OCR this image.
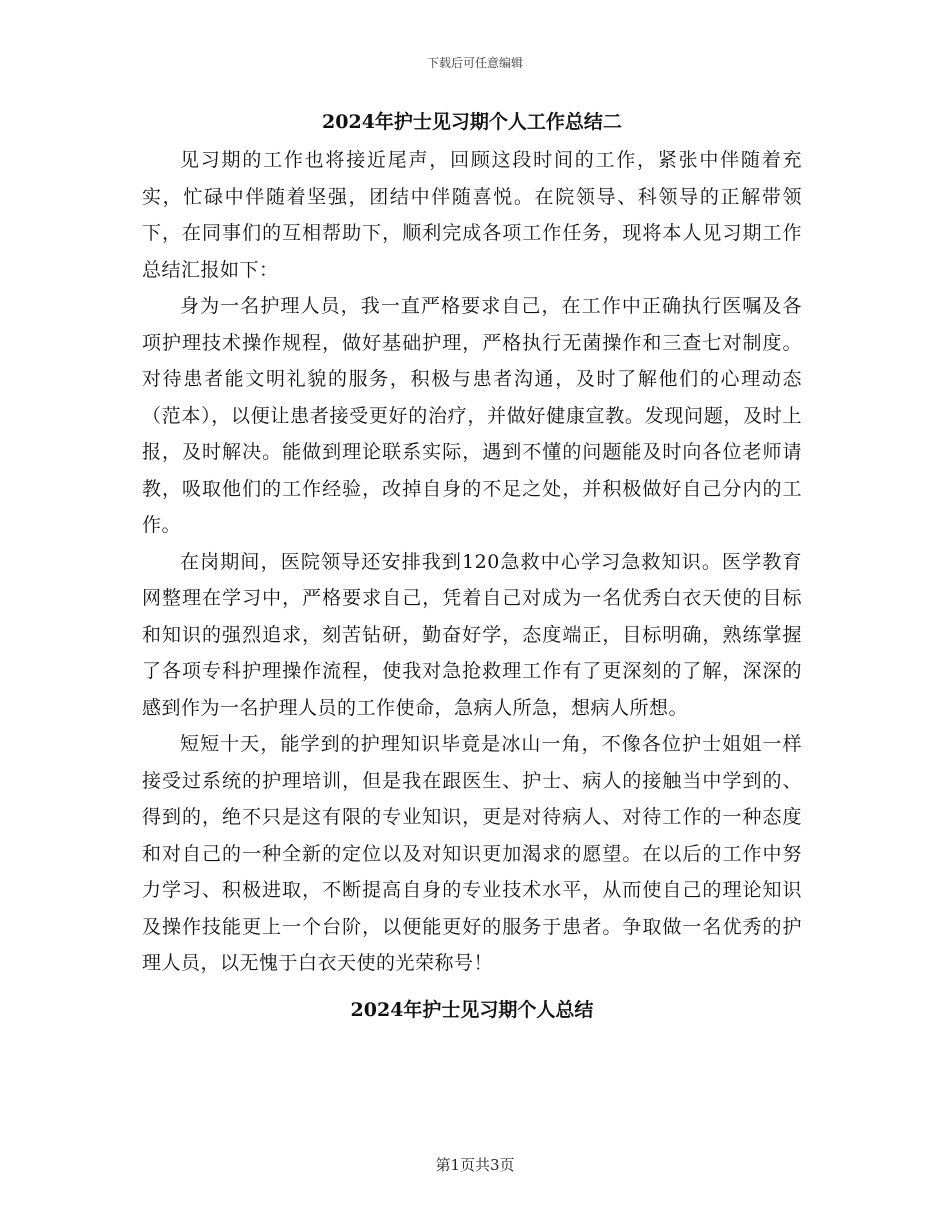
下载后可任意编辑
2024年护士见习期个人工作总结二

见习期的工作也将接近尾声，回顾这段时间的工作，紧张中伴随着充实，忙碌中伴随着坚强，团结中伴随喜悦。在院领导、科领导的正解带领下，在同事们的互相帮助下，顺利完成各项工作任务，现将本人见习期工作总结汇报如下：

身为一名护理人员，我一直严格要求自己，在工作中正确执行医嘱及各项护理技术操作规程，做好基础护理，严格执行无菌操作和三查七对制度。对待患者能文明礼貌的服务，积极与患者沟通，及时了解他们的心理动态（范本），以便让患者接受更好的治疗，并做好健康宣教。发现问题，及时上报，及时解决。能做到理论联系实际，遇到不懂的问题能及时向各位老师请教，吸取他们的工作经验，改掉自身的不足之处，并积极做好自己分内的工作。

在岗期间，医院领导还安排我到120急救中心学习急救知识。医学教育网整理在学习中，严格要求自己，凭着自己对成为一名优秀白衣天使的目标和知识的强烈追求，刻苦钻研，勤奋好学，态度端正，目标明确，熟练掌握了各项专科护理操作流程，使我对急抢救理工作有了更深刻的了解，深深的感到作为一名护理人员的工作使命，急病人所急，想病人所想。

短短十天，能学到的护理知识毕竟是冰山一角，不像各位护士姐姐一样接受过系统的护理培训，但是我在跟医生、护士、病人的接触当中学到的、得到的，绝不只是这有限的专业知识，更是对待病人、对待工作的一种态度和对自己的一种全新的定位以及对知识更加渴求的愿望。在以后的工作中努力学习、积极进取，不断提高自身的专业技术水平，从而使自己的理论知识及操作技能更上一个台阶，以便能更好的服务于患者。争取做一名优秀的护理人员，以无愧于白衣天使的光荣称号！

2024年护士见习期个人总结
第1页共3页
